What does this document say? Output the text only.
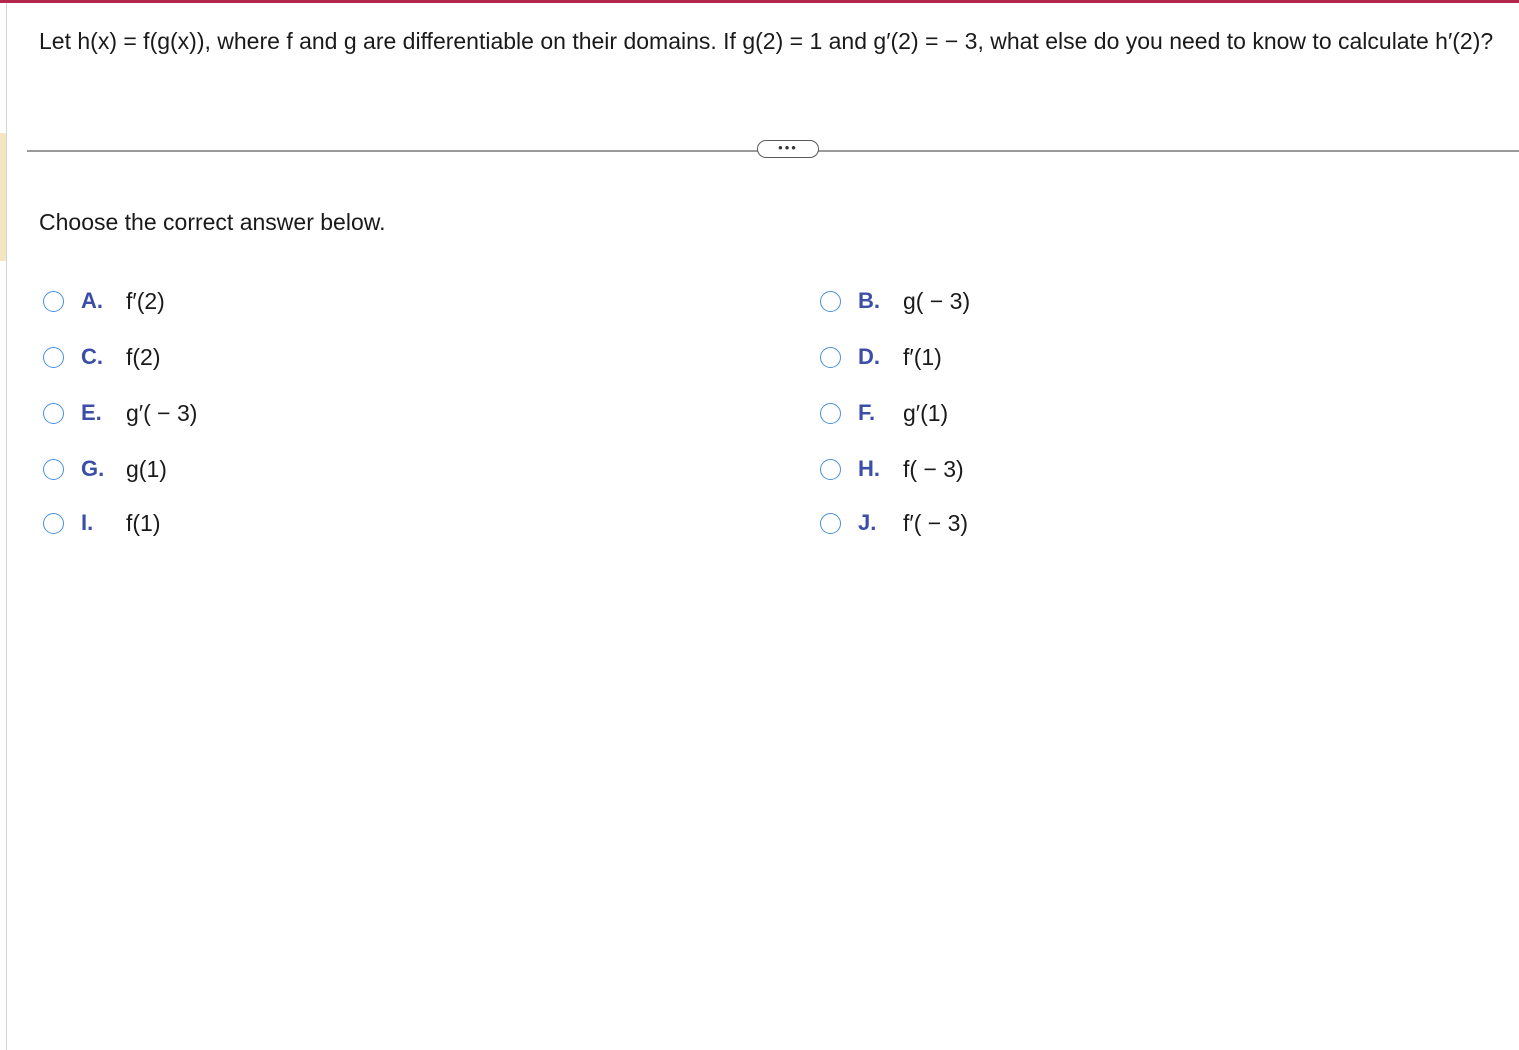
Let h(x) = f(g(x)), where f and g are differentiable on their domains. If g(2) = 1 and g′(2) = − 3, what else do you need to know to calculate h′(2)?
•••
Choose the correct answer below.
A.	f′(2)
C.	f(2)
E.	g′( − 3)
G. g(1)
I.	f(1)
B.	g( − 3)
D.	f′(1)
F.	g′(1)
H.	f( − 3)
J.	f′( − 3)
